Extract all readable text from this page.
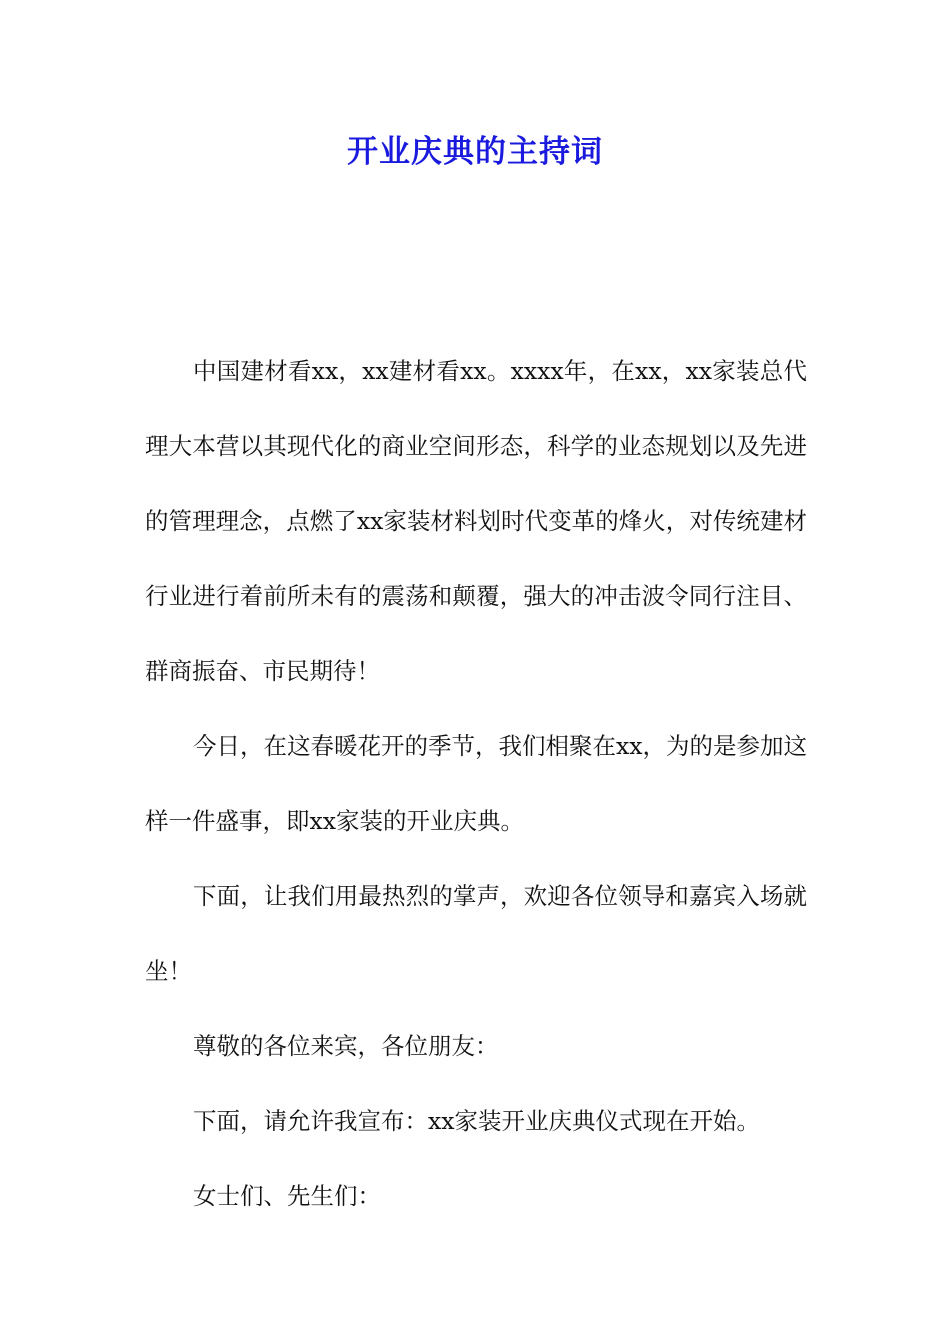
开业庆典的主持词

中国建材看xx，xx建材看xx。xxxx年，在xx，xx家装总代理大本营以其现代化的商业空间形态，科学的业态规划以及先进的管理理念，点燃了xx家装材料划时代变革的烽火，对传统建材行业进行着前所未有的震荡和颠覆，强大的冲击波令同行注目、群商振奋、市民期待！

今日，在这春暖花开的季节，我们相聚在xx，为的是参加这样一件盛事，即xx家装的开业庆典。

下面，让我们用最热烈的掌声，欢迎各位领导和嘉宾入场就坐！

尊敬的各位来宾，各位朋友：

下面，请允许我宣布：xx家装开业庆典仪式现在开始。

女士们、先生们：
